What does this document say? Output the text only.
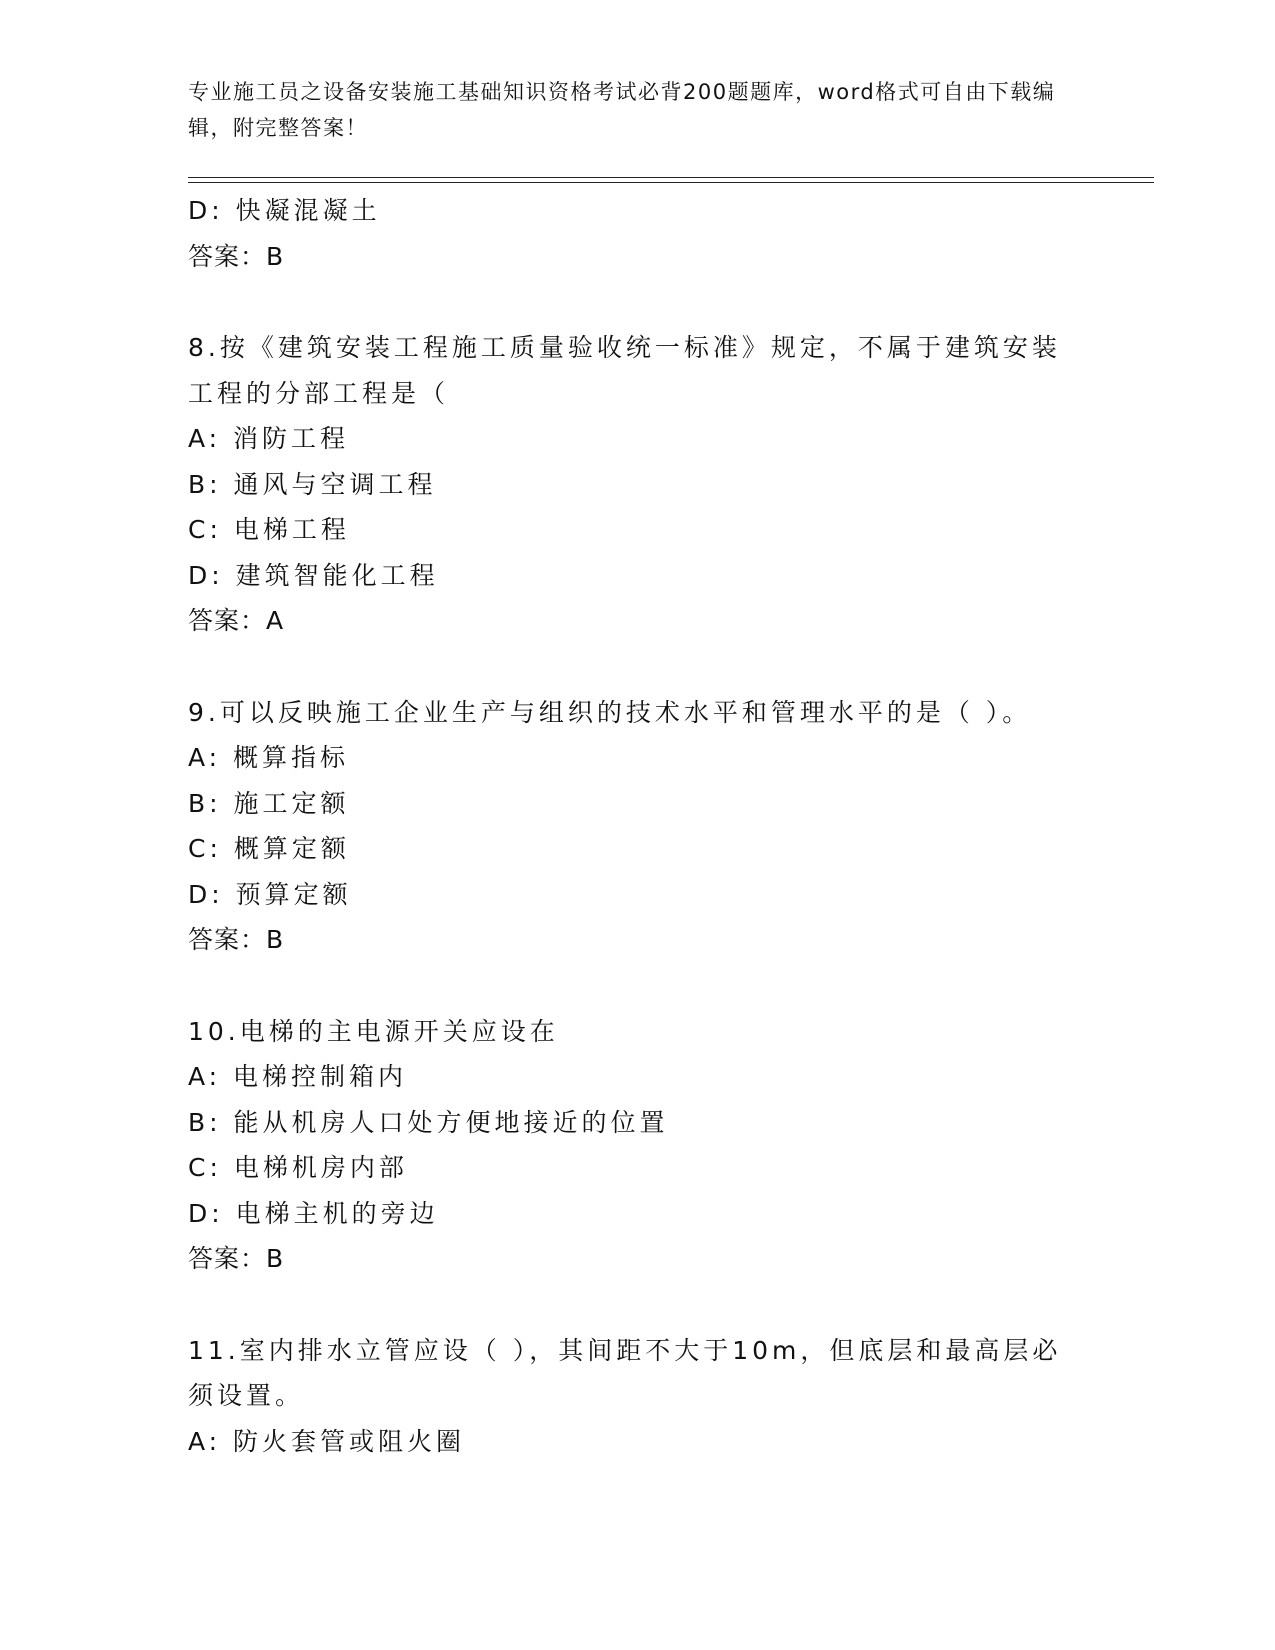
专业施工员之设备安装施工基础知识资格考试必背200题题库，word格式可自由下载编辑，附完整答案！
D: 快凝混凝土
答案：B
8.按《建筑安装工程施工质量验收统一标准》规定，不属于建筑安装工程的分部工程是（
A: 消防工程
B: 通风与空调工程
C: 电梯工程
D: 建筑智能化工程
答案：A
9.可以反映施工企业生产与组织的技术水平和管理水平的是（ ）。
A: 概算指标
B: 施工定额
C: 概算定额
D: 预算定额
答案：B
10.电梯的主电源开关应设在
A: 电梯控制箱内
B: 能从机房人口处方便地接近的位置
C: 电梯机房内部
D: 电梯主机的旁边
答案：B
11.室内排水立管应设（ ），其间距不大于10m，但底层和最高层必须设置。
A: 防火套管或阻火圈
